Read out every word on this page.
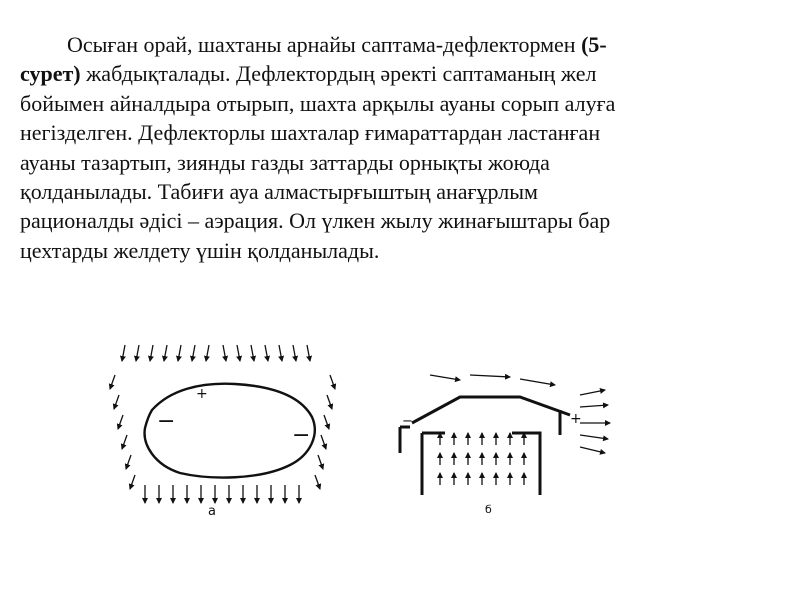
Осыған орай, шахтаны арнайы саптама-дефлектормен (5-
сурет) жабдықталады. Дефлектордың әректі саптаманың жел
бойымен айналдыра отырып, шахта арқылы ауаны сорып алуға
негізделген. Дефлекторлы шахталар ғимараттардан ластанған
ауаны тазартып, зиянды газды заттарды орнықты жоюда
қолданылады. Табиғи ауа алмастырғыштың анағұрлым
рационалды әдісі – аэрация. Ол үлкен жылу жинағыштары бар
цехтарды желдету үшін қолданылады.

−
−
+
а
+
−
б
